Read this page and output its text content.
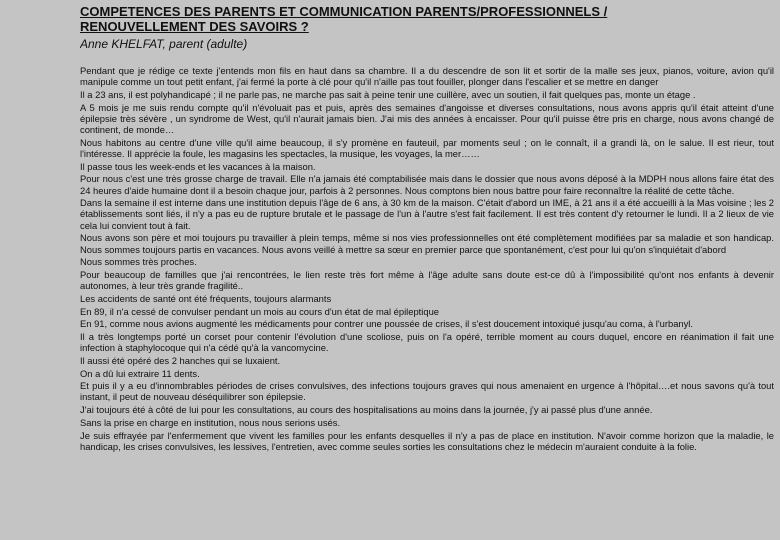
COMPETENCES DES PARENTS ET COMMUNICATION PARENTS/PROFESSIONNELS /
RENOUVELLEMENT DES SAVOIRS ?
Anne KHELFAT, parent (adulte)

Pendant que je rédige ce texte j'entends mon fils en haut dans sa chambre. Il a du descendre de son lit et sortir de la malle ses jeux, pianos, voiture, avion qu'il manipule comme un tout petit enfant, j'ai fermé la porte à clé pour qu'il n'aille pas tout fouiller, plonger dans l'escalier et se mettre en danger

Il a 23 ans, il est polyhandicapé ; il ne parle pas, ne marche pas sait à peine tenir une cuillère, avec un soutien, il fait quelques pas, monte un étage .

A 5 mois je me suis rendu compte qu'il n'évoluait pas et puis, après des semaines d'angoisse et diverses consultations, nous avons appris qu'il était atteint d'une épilepsie très sévère , un syndrome de West, qu'il n'aurait jamais bien. J'ai mis des années à encaisser. Pour qu'il puisse être pris en charge, nous avons changé de continent, de monde…

Nous habitons au centre d'une ville qu'il aime beaucoup, il s'y promène en fauteuil, par moments seul ; on le connaît, il a grandi là, on le salue. Il est rieur, tout l'intéresse. Il apprécie la foule, les magasins les spectacles, la musique, les voyages, la mer……

Il passe tous les week-ends et les vacances à la maison.

Pour nous c'est une très grosse charge de travail. Elle n'a jamais été comptabilisée mais dans le dossier que nous avons déposé à la MDPH nous allons faire état des 24 heures d'aide humaine dont il a besoin chaque jour, parfois à 2 personnes. Nous comptons bien nous battre pour faire reconnaître la réalité de cette tâche.

Dans la semaine il est interne dans une institution depuis l'âge de 6 ans, à 30 km de la maison. C'était d'abord un IME, à 21 ans il a été accueilli à la Mas voisine ; les 2 établissements sont liés, il n'y a pas eu de rupture brutale et le passage de l'un à l'autre s'est fait facilement. Il est très content d'y retourner le lundi. Il a 2 lieux de vie cela lui convient tout à fait.

Nous avons son père et moi toujours pu travailler à plein temps, même si nos vies professionnelles ont été complètement modifiées par sa maladie et son handicap. Nous sommes toujours partis en vacances. Nous avons veillé à mettre sa sœur en premier parce que spontanément, c'est pour lui qu'on s'inquiétait d'abord

Nous sommes très proches.

Pour beaucoup de familles que j'ai rencontrées, le lien reste très fort même à l'âge adulte sans doute est-ce dû à l'impossibilité qu'ont nos enfants à devenir autonomes, à leur très grande fragilité..

Les accidents de santé ont été fréquents, toujours alarmants

En 89, il n'a cessé de convulser pendant un mois au cours d'un état de mal épileptique

En 91, comme nous avions augmenté les médicaments pour contrer une poussée de crises, il s'est doucement intoxiqué jusqu'au coma, à l'urbanyl.

Il a très longtemps porté un corset pour contenir l'évolution d'une scoliose, puis on l'a opéré, terrible moment au cours duquel, encore en réanimation il fait une infection à staphylocoque qui n'a cédé qu'à la vancomycine.

Il aussi été opéré des 2 hanches qui se luxaient.

On a dû lui extraire 11 dents.

Et puis il y a eu d'innombrables périodes de crises convulsives, des infections toujours graves qui nous amenaient en urgence à l'hôpital….et nous savons qu'à tout instant, il peut de nouveau déséquilibrer son épilepsie.

J'ai toujours été à côté de lui pour les consultations, au cours des hospitalisations au moins dans la journée, j'y ai passé plus d'une année.

Sans la prise en charge en institution, nous nous serions usés.

Je suis effrayée par l'enfermement que vivent les familles pour les enfants desquelles il n'y a pas de place en institution. N'avoir comme horizon que la maladie, le handicap, les crises convulsives, les lessives, l'entretien, avec comme seules sorties les consultations chez le médecin m'auraient conduite à la folie.
